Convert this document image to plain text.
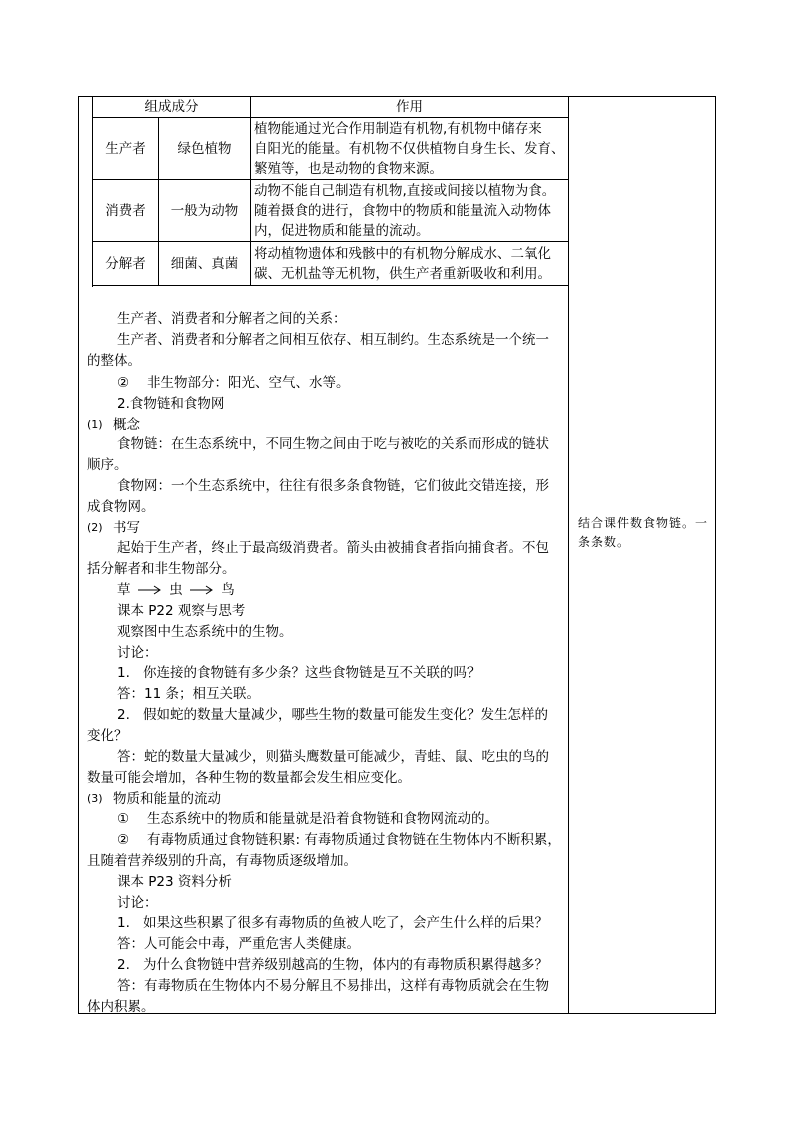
组成成分		作用
生产者	绿色植物	植物能通过光合作用制造有机物,有机物中储存来
自阳光的能量。有机物不仅供植物自身生长、发育、
繁殖等，也是动物的食物来源。

消费者	一般为动物	动物不能自己制造有机物,直接或间接以植物为食。
随着摄食的进行，食物中的物质和能量流入动物体
内，促进物质和能量的流动。

分解者	细菌、真菌	将动植物遗体和残骸中的有机物分解成水、二氧化
碳、无机盐等无机物，供生产者重新吸收和利用。
生产者、消费者和分解者之间的关系：
生产者、消费者和分解者之间相互依存、相互制约。生态系统是一个统一
的整体。
② 非生物部分：阳光、空气、水等。
2.食物链和食物网
(1) 概念
食物链：在生态系统中，不同生物之间由于吃与被吃的关系而形成的链状
顺序。
食物网：一个生态系统中，往往有很多条食物链，它们彼此交错连接，形
成食物网。
(2) 书写
起始于生产者，终止于最高级消费者。箭头由被捕食者指向捕食者。不包
括分解者和非生物部分。
草	虫	鸟
课本 P22 观察与思考
观察图中生态系统中的生物。
讨论：
1. 你连接的食物链有多少条？这些食物链是互不关联的吗？
答：11 条；相互关联。
2. 假如蛇的数量大量减少，哪些生物的数量可能发生变化？发生怎样的
变化？
答：蛇的数量大量减少，则猫头鹰数量可能减少，青蛙、鼠、吃虫的鸟的
数量可能会增加，各种生物的数量都会发生相应变化。
(3) 物质和能量的流动
① 生态系统中的物质和能量就是沿着食物链和食物网流动的。
② 有毒物质通过食物链积累: 有毒物质通过食物链在生物体内不断积累，
且随着营养级别的升高，有毒物质逐级增加。
课本 P23 资料分析
讨论：
1. 如果这些积累了很多有毒物质的鱼被人吃了，会产生什么样的后果？
答：人可能会中毒，严重危害人类健康。
2. 为什么食物链中营养级别越高的生物，体内的有毒物质积累得越多？
答：有毒物质在生物体内不易分解且不易排出，这样有毒物质就会在生物
体内积累。
结合课件数食物链。一条条数。
